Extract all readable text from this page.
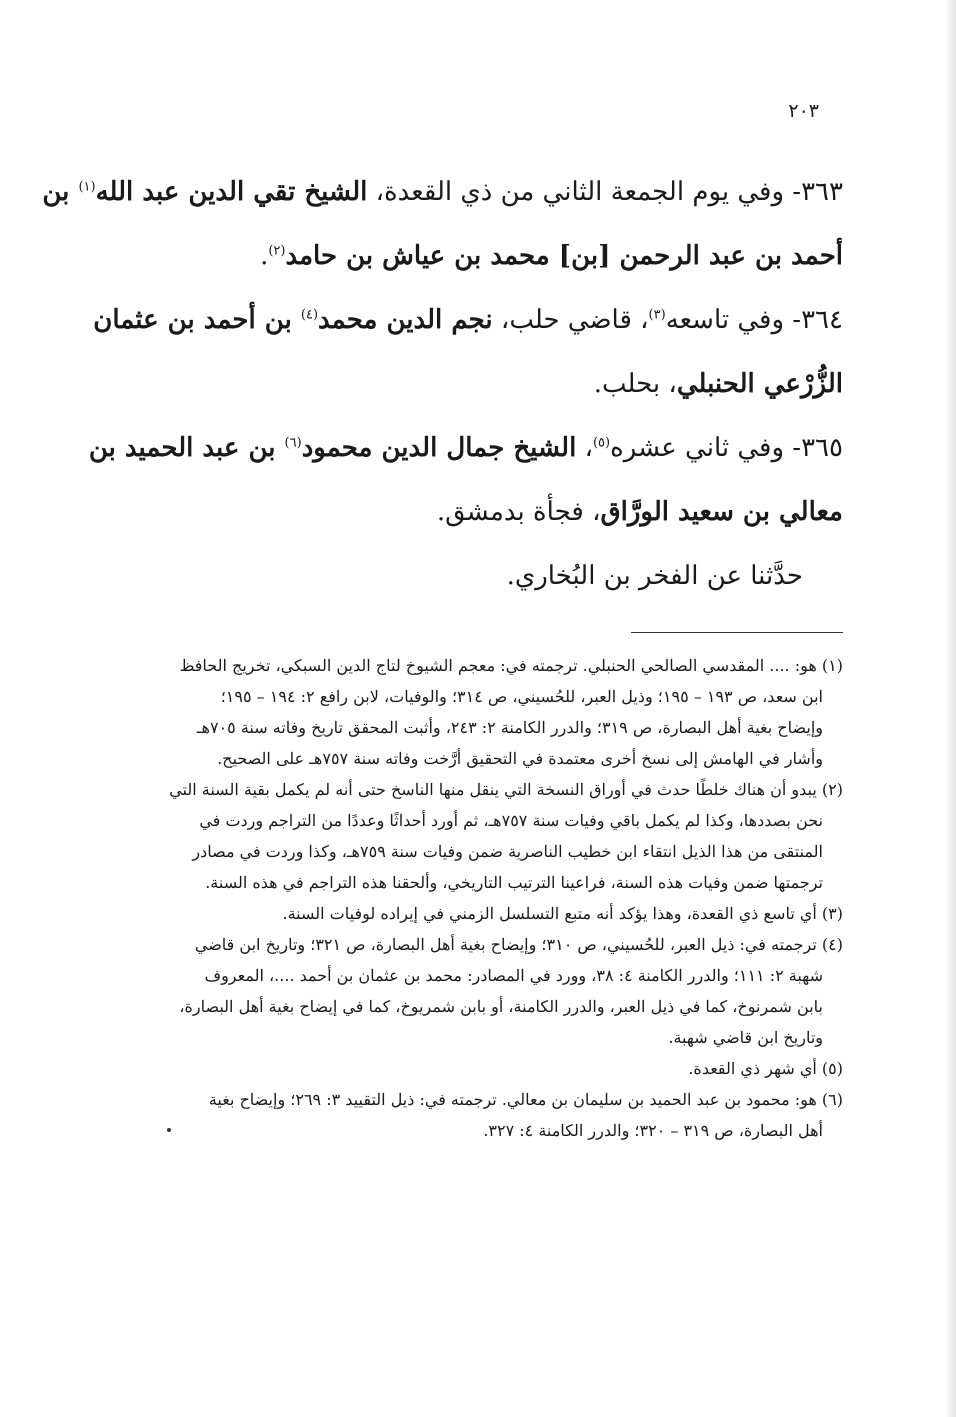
٢٠٣
٣٦٣- وفي يوم الجمعة الثاني من ذي القعدة، الشيخ تقي الدين عبد الله$^{(١)}$ بن
أحمد بن عبد الرحمن [بن] محمد بن عياش بن حامد$^{(٢)}$.
٣٦٤- وفي تاسعه$^{(٣)}$، قاضي حلب، نجم الدين محمد$^{(٤)}$ بن أحمد بن عثمان
الزُّرْعي الحنبلي، بحلب.
٣٦٥- وفي ثاني عشره$^{(٥)}$، الشيخ جمال الدين محمود$^{(٦)}$ بن عبد الحميد بن
معالي بن سعيد الورَّاق، فجأة بدمشق.
حدَّثنا عن الفخر بن البُخاري.
(١) هو: .... المقدسي الصالحي الحنبلي. ترجمته في: معجم الشيوخ لتاج الدين السبكي، تخريج الحافظ
ابن سعد، ص ١٩٣ – ١٩٥؛ وذيل العبر، للحُسيني، ص ٣١٤؛ والوفيات، لابن رافع ٢: ١٩٤ – ١٩٥؛
وإيضاح بغية أهل البصارة، ص ٣١٩؛ والدرر الكامنة ٢: ٢٤٣، وأثبت المحقق تاريخ وفاته سنة ٧٠٥هـ
وأشار في الهامش إلى نسخ أخرى معتمدة في التحقيق أرَّخت وفاته سنة ٧٥٧هـ على الصحيح.
(٢) يبدو أن هناك خلطًا حدث في أوراق النسخة التي ينقل منها الناسخ حتى أنه لم يكمل بقية السنة التي
نحن بصددها، وكذا لم يكمل باقي وفيات سنة ٧٥٧هـ، ثم أورد أحداثًا وعددًا من التراجم وردت في
المنتقى من هذا الذيل انتقاء ابن خطيب الناصرية ضمن وفيات سنة ٧٥٩هـ، وكذا وردت في مصادر
ترجمتها ضمن وفيات هذه السنة، فراعينا الترتيب التاريخي، وألحقنا هذه التراجم في هذه السنة.
(٣) أي تاسع ذي القعدة، وهذا يؤكد أنه متبع التسلسل الزمني في إيراده لوفيات السنة.
(٤) ترجمته في: ذيل العبر، للحُسيني، ص ٣١٠؛ وإيضاح بغية أهل البصارة، ص ٣٢١؛ وتاريخ ابن قاضي
شهبة ٢: ١١١؛ والدرر الكامنة ٤: ٣٨، وورد في المصادر: محمد بن عثمان بن أحمد ....، المعروف
بابن شمرنوخ، كما في ذيل العبر، والدرر الكامنة، أو بابن شمريوخ، كما في إيضاح بغية أهل البصارة،
وتاريخ ابن قاضي شهبة.
(٥) أي شهر ذي القعدة.
(٦) هو: محمود بن عبد الحميد بن سليمان بن معالي. ترجمته في: ذيل التقييد ٣: ٢٦٩؛ وإيضاح بغية
أهل البصارة، ص ٣١٩ – ٣٢٠؛ والدرر الكامنة ٤: ٣٢٧.
